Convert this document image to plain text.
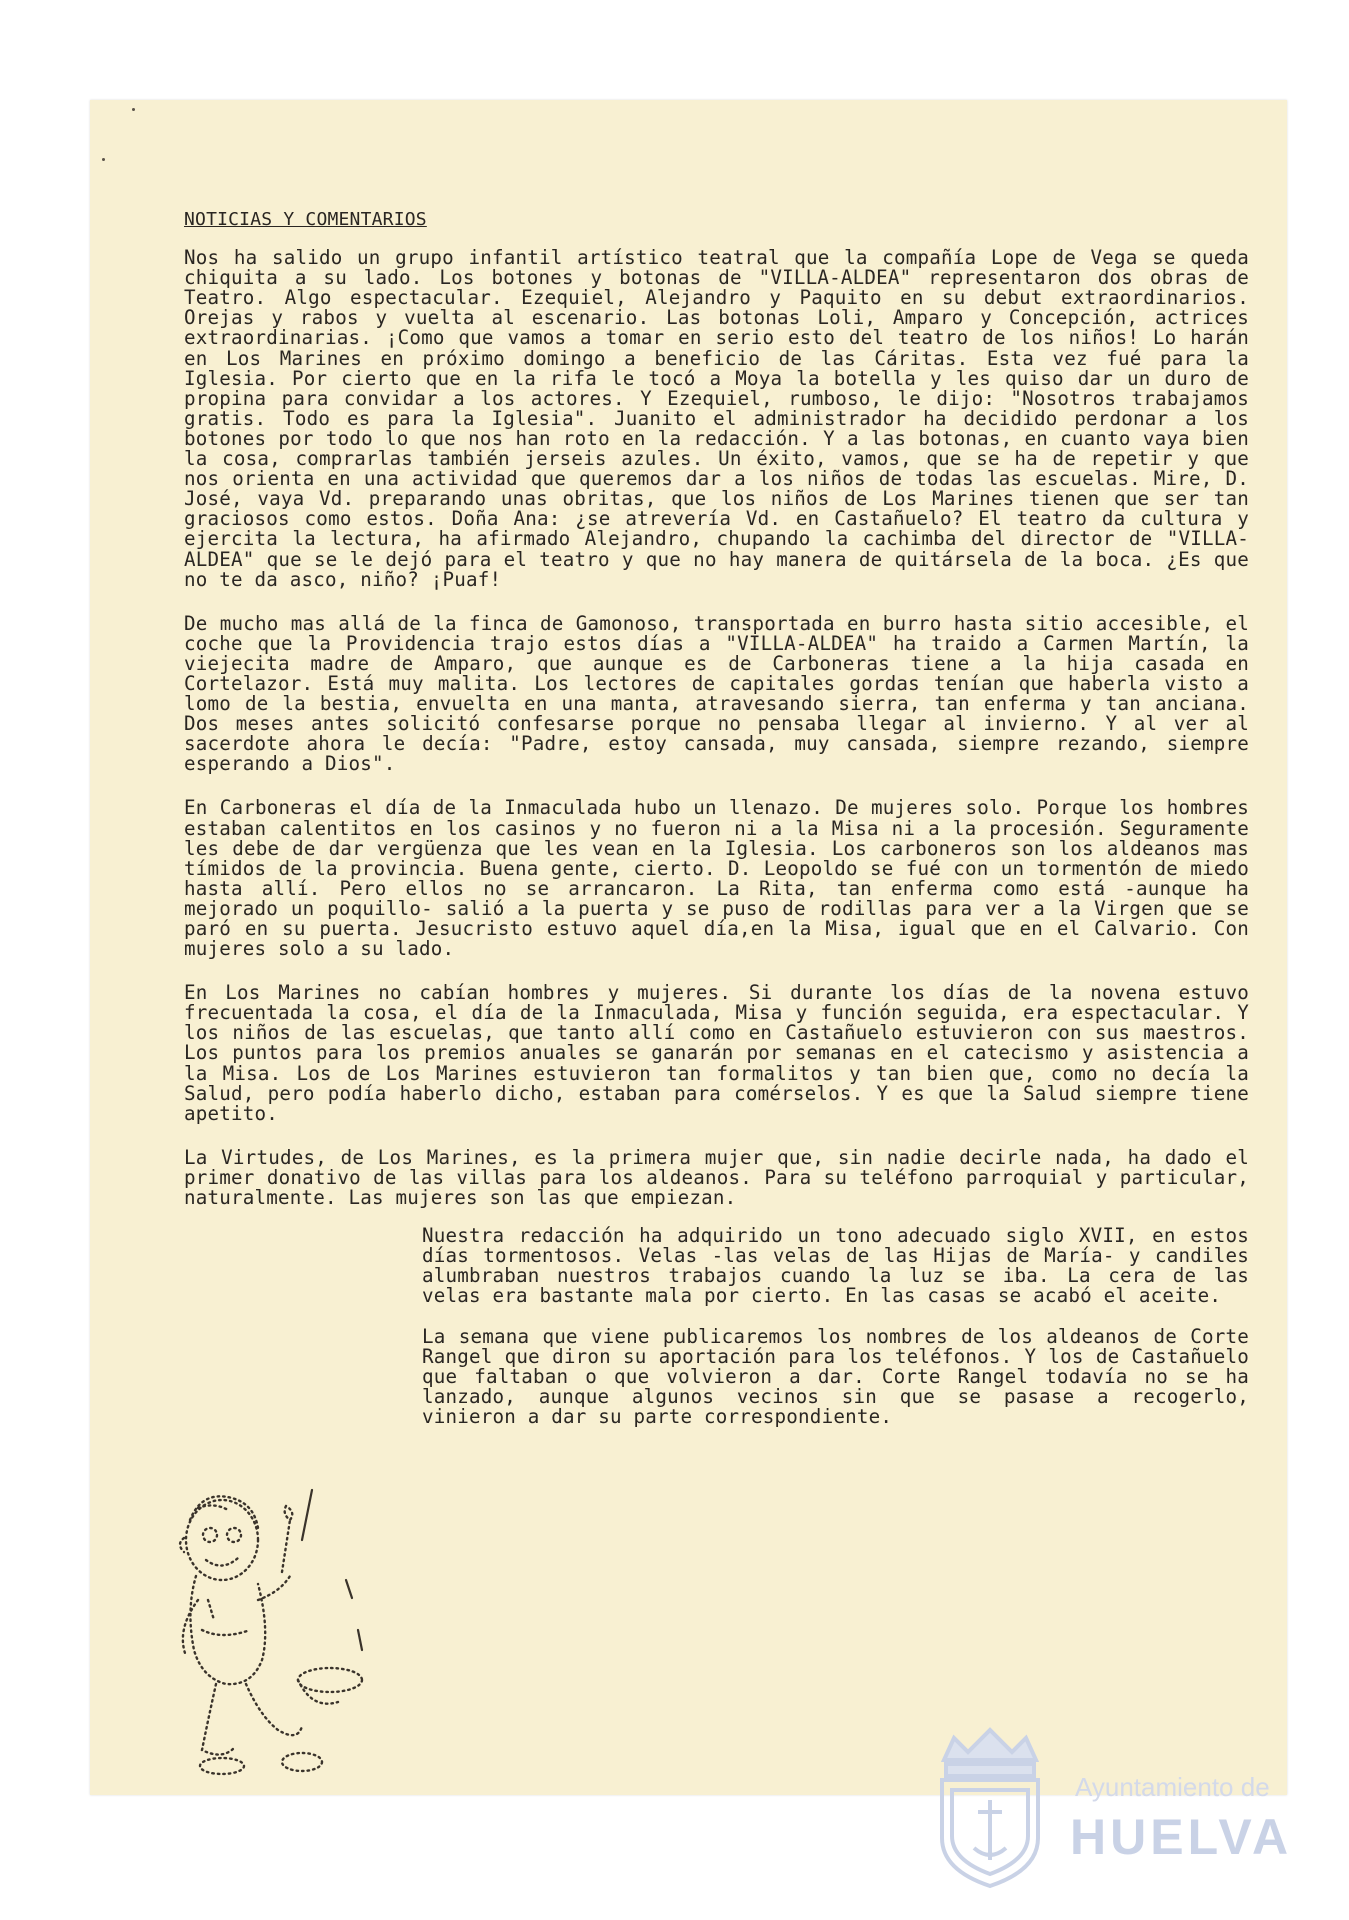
NOTICIAS Y COMENTARIOS

Nos ha salido un grupo infantil artístico teatral que la compañía Lope de Vega se queda chiquita a su lado. Los botones y botonas de "VILLA-ALDEA" representaron dos obras de Teatro. Algo espectacular. Ezequiel, Alejandro y Paquito en su debut extraordinarios. Orejas y rabos y vuelta al escenario. Las botonas Loli, Amparo y Concepción, actrices extraordinarias. ¡Como que vamos a tomar en serio esto del teatro de los niños! Lo harán en Los Marines en próximo domingo a beneficio de las Cáritas. Esta vez fué para la Iglesia. Por cierto que en la rifa le tocó a Moya la botella y les quiso dar un duro de propina para convidar a los actores. Y Ezequiel, rumboso, le dijo: "Nosotros trabajamos gratis. Todo es para la Iglesia". Juanito el administrador ha decidido perdonar a los botones por todo lo que nos han roto en la redacción. Y a las botonas, en cuanto vaya bien la cosa, comprarlas también jerseis azules. Un éxito, vamos, que se ha de repetir y que nos orienta en una actividad que queremos dar a los niños de todas las escuelas. Mire, D. José, vaya Vd. preparando unas obritas, que los niños de Los Marines tienen que ser tan graciosos como estos. Doña Ana: ¿se atrevería Vd. en Castañuelo? El teatro da cultura y ejercita la lectura, ha afirmado Alejandro, chupando la cachimba del director de "VILLA-ALDEA" que se le dejó para el teatro y que no hay manera de quitársela de la boca. ¿Es que no te da asco, niño? ¡Puaf!

De mucho mas allá de la finca de Gamonoso, transportada en burro hasta sitio accesible, el coche que la Providencia trajo estos días a "VILLA-ALDEA" ha traido a Carmen Martín, la viejecita madre de Amparo, que aunque es de Carboneras tiene a la hija casada en Cortelazor. Está muy malita. Los lectores de capitales gordas tenían que haberla visto a lomo de la bestia, envuelta en una manta, atravesando sierra, tan enferma y tan anciana. Dos meses antes solicitó confesarse porque no pensaba llegar al invierno. Y al ver al sacerdote ahora le decía: "Padre, estoy cansada, muy cansada, siempre rezando, siempre esperando a Dios".

En Carboneras el día de la Inmaculada hubo un llenazo. De mujeres solo. Porque los hombres estaban calentitos en los casinos y no fueron ni a la Misa ni a la procesión. Seguramente les debe de dar vergüenza que les vean en la Iglesia. Los carboneros son los aldeanos mas tímidos de la provincia. Buena gente, cierto. D. Leopoldo se fué con un tormentón de miedo hasta allí. Pero ellos no se arrancaron. La Rita, tan enferma como está -aunque ha mejorado un poquillo- salió a la puerta y se puso de rodillas para ver a la Virgen que se paró en su puerta. Jesucristo estuvo aquel día,en la Misa, igual que en el Calvario. Con mujeres solo a su lado.

En Los Marines no cabían hombres y mujeres. Si durante los días de la novena estuvo frecuentada la cosa, el día de la Inmaculada, Misa y función seguida, era espectacular. Y los niños de las escuelas, que tanto allí como en Castañuelo estuvieron con sus maestros. Los puntos para los premios anuales se ganarán por semanas en el catecismo y asistencia a la Misa. Los de Los Marines estuvieron tan formalitos y tan bien que, como no decía la Salud, pero podía haberlo dicho, estaban para comérselos. Y es que la Salud siempre tiene apetito.

La Virtudes, de Los Marines, es la primera mujer que, sin nadie decirle nada, ha dado el primer donativo de las villas para los aldeanos. Para su teléfono parroquial y particular, naturalmente. Las mujeres son las que empiezan.

Nuestra redacción ha adquirido un tono adecuado siglo XVII, en estos días tormentosos. Velas -las velas de las Hijas de María- y candiles alumbraban nuestros trabajos cuando la luz se iba. La cera de las velas era bastante mala por cierto. En las casas se acabó el aceite.

La semana que viene publicaremos los nombres de los aldeanos de Corte Rangel que diron su aportación para los teléfonos. Y los de Castañuelo que faltaban o que volvieron a dar. Corte Rangel todavía no se ha lanzado, aunque algunos vecinos sin que se pasase a recogerlo, vinieron a dar su parte correspondiente.

Ayuntamiento de
HUELVA
